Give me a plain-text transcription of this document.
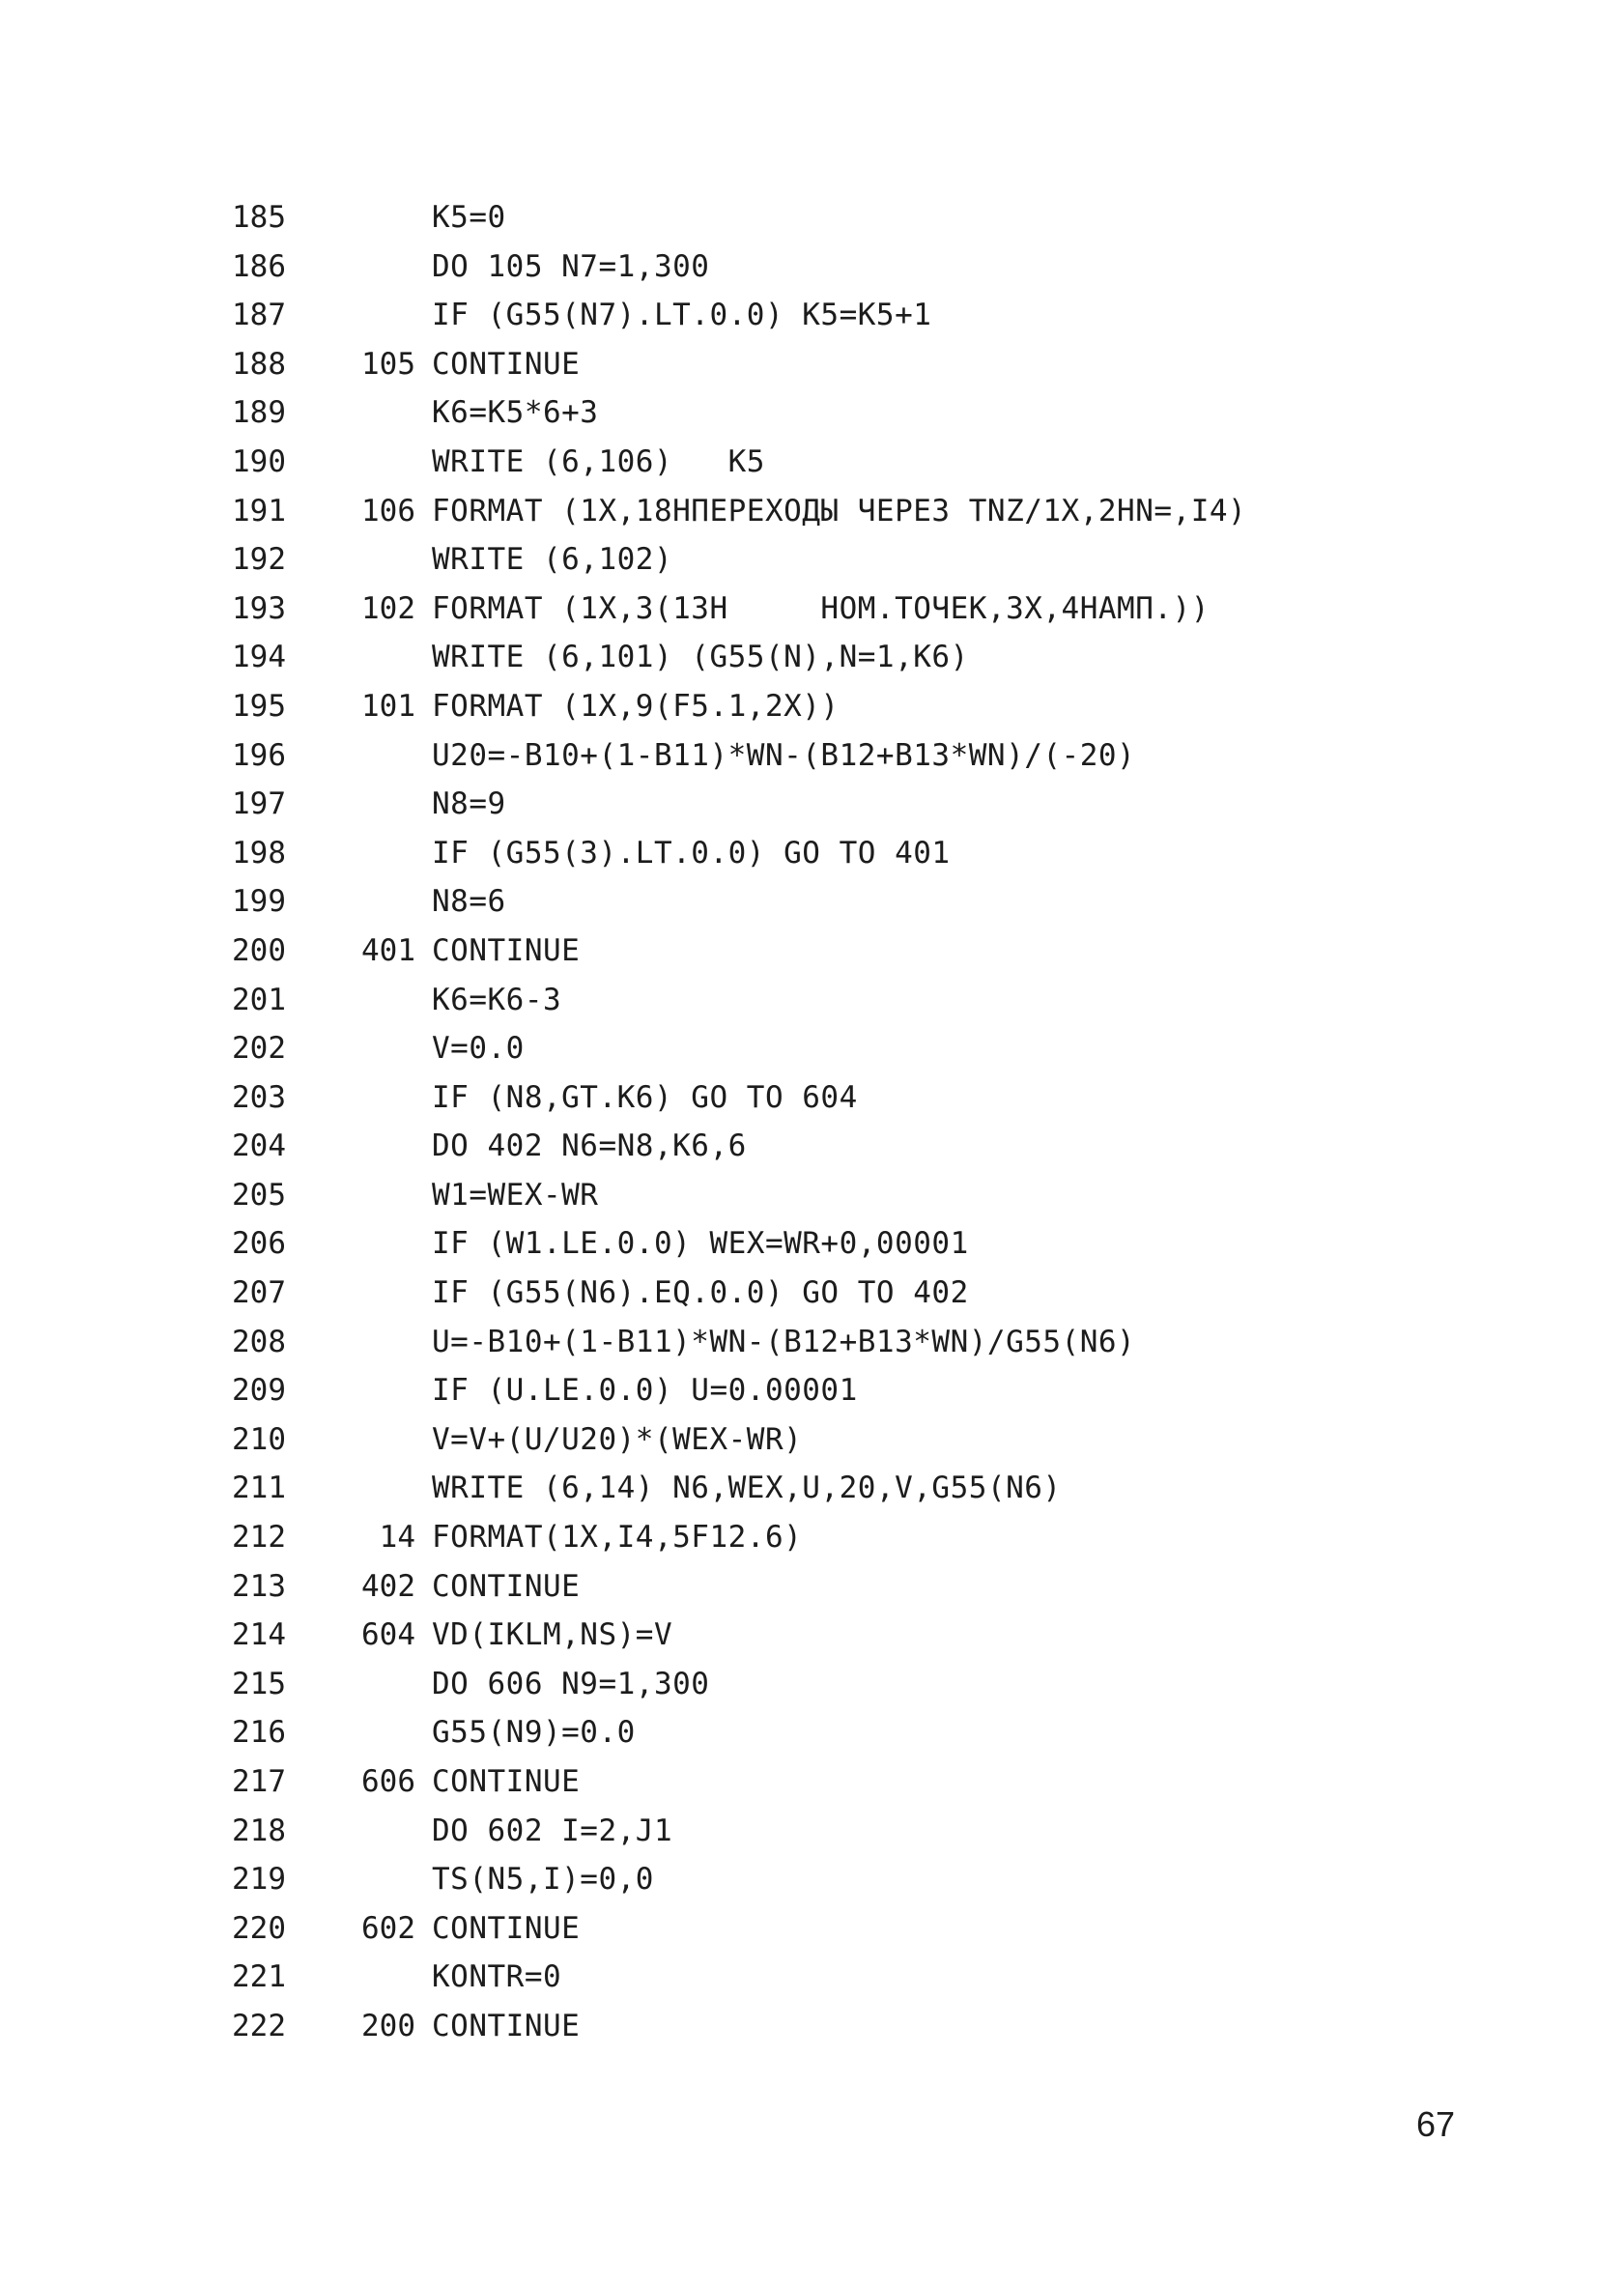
185	K5=0
186	DO 105 N7=1,300
187	IF (G55(N7).LT.0.0) K5=K5+1
188	105 CONTINUE
189	K6=K5*6+3
190	WRITE (6,106)   K5
191	106 FORMAT (1X,18HПЕРЕХОДЫ ЧЕРЕЗ TNZ/1X,2HN=,I4)
192	WRITE (6,102)
193	102 FORMAT (1X,3(13H     НОМ.ТОЧЕК,3X,4HАМП.))
194	WRITE (6,101) (G55(N),N=1,K6)
195	101 FORMAT (1X,9(F5.1,2X))
196	U20=-B10+(1-B11)*WN-(B12+B13*WN)/(-20)
197	N8=9
198	IF (G55(3).LT.0.0) GO TO 401
199	N8=6
200	401 CONTINUE
201	K6=K6-3
202	V=0.0
203	IF (N8,GT.K6) GO TO 604
204	DO 402 N6=N8,K6,6
205	W1=WEX-WR
206	IF (W1.LE.0.0) WEX=WR+0,00001
207	IF (G55(N6).EQ.0.0) GO TO 402
208	U=-B10+(1-B11)*WN-(B12+B13*WN)/G55(N6)
209	IF (U.LE.0.0) U=0.00001
210	V=V+(U/U20)*(WEX-WR)
211	WRITE (6,14) N6,WEX,U,20,V,G55(N6)
212	14 FORMAT(1X,I4,5F12.6)
213	402 CONTINUE
214	604 VD(IKLM,NS)=V
215	DO 606 N9=1,300
216	G55(N9)=0.0
217	606 CONTINUE
218	DO 602 I=2,J1
219	TS(N5,I)=0,0
220	602 CONTINUE
221	KONTR=0
222	200 CONTINUE
67
